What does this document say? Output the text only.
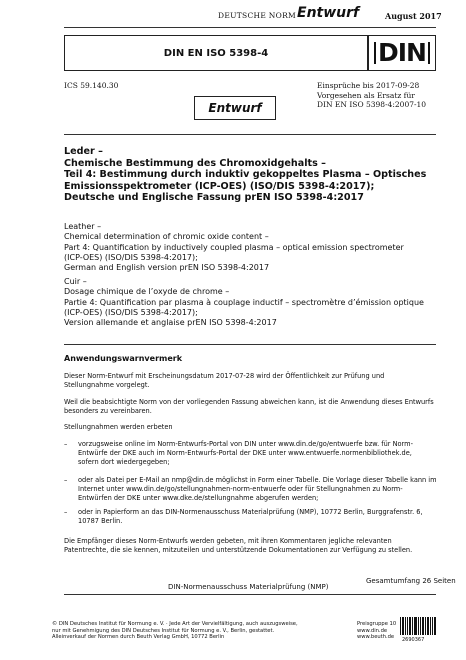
DEUTSCHE NORM Entwurf	August 2017
DIN EN ISO 5398-4	DIN
ICS 59.140.30	Einsprüche bis 2017-09-28
Vorgesehen als Ersatz für
DIN EN ISO 5398-4:2007-10
Entwurf
Leder –
Chemische Bestimmung des Chromoxidgehalts –
Teil 4: Bestimmung durch induktiv gekoppeltes Plasma – Optisches
Emissionsspektrometer (ICP-OES) (ISO/DIS 5398-4:2017);
Deutsche und Englische Fassung prEN ISO 5398-4:2017
Leather –
Chemical determination of chromic oxide content –
Part 4: Quantification by inductively coupled plasma – optical emission spectrometer
(ICP-OES) (ISO/DIS 5398-4:2017);
German and English version prEN ISO 5398-4:2017
Cuir –
Dosage chimique de l’oxyde de chrome –
Partie 4: Quantification par plasma à couplage inductif – spectromètre d’émission optique
(ICP-OES) (ISO/DIS 5398-4:2017);
Version allemande et anglaise prEN ISO 5398-4:2017
Anwendungswarnvermerk
Dieser Norm-Entwurf mit Erscheinungsdatum 2017-07-28 wird der Öffentlichkeit zur Prüfung und
Stellungnahme vorgelegt.
Weil die beabsichtigte Norm von der vorliegenden Fassung abweichen kann, ist die Anwendung dieses Entwurfs
besonders zu vereinbaren.
Stellungnahmen werden erbeten
– vorzugsweise online im Norm-Entwurfs-Portal von DIN unter www.din.de/go/entwuerfe bzw. für Norm-
Entwürfe der DKE auch im Norm-Entwurfs-Portal der DKE unter www.entwuerfe.normenbibliothek.de,
sofern dort wiedergegeben;
– oder als Datei per E-Mail an nmp@din.de möglichst in Form einer Tabelle. Die Vorlage dieser Tabelle kann im
Internet unter www.din.de/go/stellungnahmen-norm-entwuerfe oder für Stellungnahmen zu Norm-
Entwürfen der DKE unter www.dke.de/stellungnahme abgerufen werden;
– oder in Papierform an das DIN-Normenausschuss Materialprüfung (NMP), 10772 Berlin, Burggrafenstr. 6,
10787 Berlin.
Die Empfänger dieses Norm-Entwurfs werden gebeten, mit ihren Kommentaren jegliche relevanten
Patentrechte, die sie kennen, mitzuteilen und unterstützende Dokumentationen zur Verfügung zu stellen.
Gesamtumfang 26 Seiten
DIN-Normenausschuss Materialprüfung (NMP)
© DIN Deutsches Institut für Normung e. V. · Jede Art der Vervielfältigung, auch auszugsweise,
nur mit Genehmigung des DIN Deutsches Institut für Normung e. V., Berlin, gestattet.
Alleinverkauf der Normen durch Beuth Verlag GmbH, 10772 Berlin
Preisgruppe 10
www.din.de
www.beuth.de	2690367
